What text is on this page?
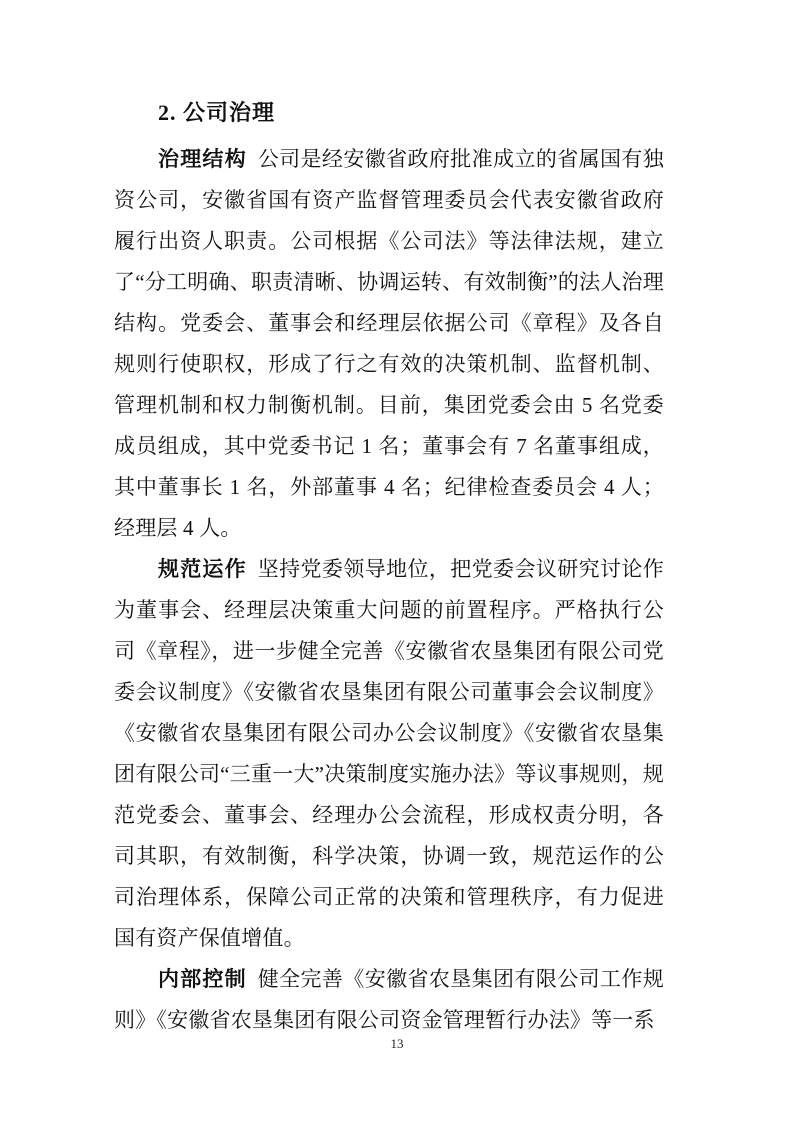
2. 公司治理

治理结构 公司是经安徽省政府批准成立的省属国有独资公司，安徽省国有资产监督管理委员会代表安徽省政府履行出资人职责。公司根据《公司法》等法律法规，建立了“分工明确、职责清晰、协调运转、有效制衡”的法人治理结构。党委会、董事会和经理层依据公司《章程》及各自规则行使职权，形成了行之有效的决策机制、监督机制、管理机制和权力制衡机制。目前，集团党委会由 5 名党委成员组成，其中党委书记 1 名；董事会有 7 名董事组成，其中董事长 1 名，外部董事 4 名；纪律检查委员会 4 人；经理层 4 人。

规范运作 坚持党委领导地位，把党委会议研究讨论作为董事会、经理层决策重大问题的前置程序。严格执行公司《章程》，进一步健全完善《安徽省农垦集团有限公司党委会议制度》《安徽省农垦集团有限公司董事会会议制度》《安徽省农垦集团有限公司办公会议制度》《安徽省农垦集团有限公司“三重一大”决策制度实施办法》等议事规则，规范党委会、董事会、经理办公会流程，形成权责分明，各司其职，有效制衡，科学决策，协调一致，规范运作的公司治理体系，保障公司正常的决策和管理秩序，有力促进国有资产保值增值。

内部控制 健全完善《安徽省农垦集团有限公司工作规则》《安徽省农垦集团有限公司资金管理暂行办法》等一系

13
